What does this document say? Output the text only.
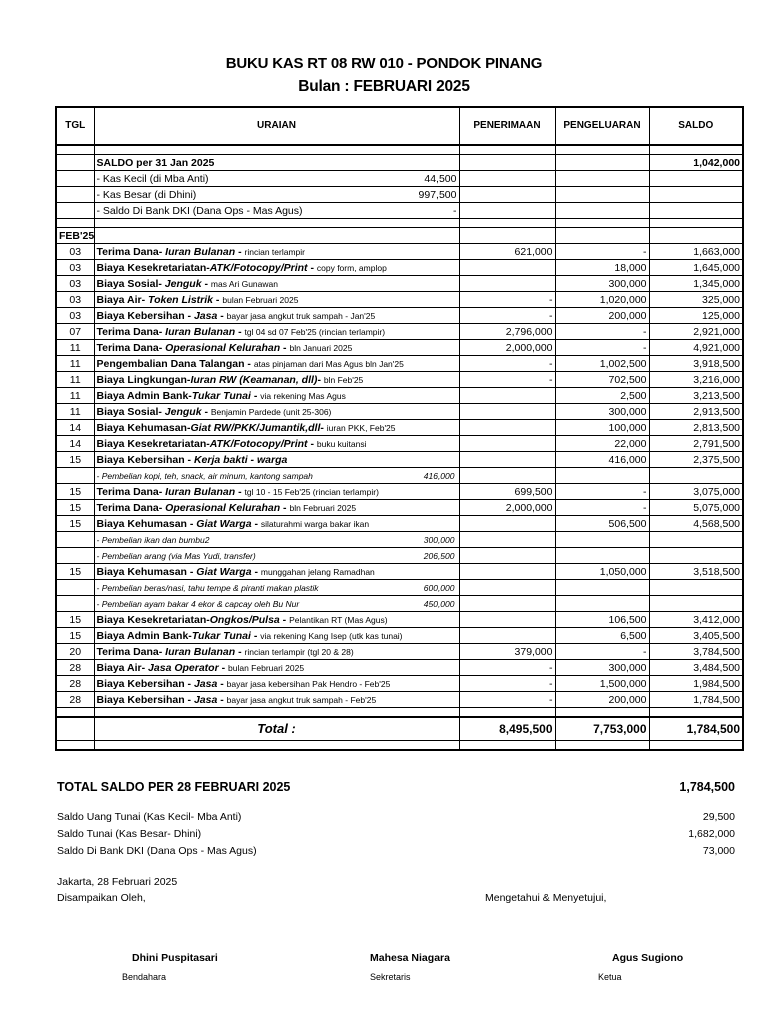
BUKU KAS RT 08 RW 010 - PONDOK PINANG
Bulan : FEBRUARI 2025
TGL	URAIAN	PENERIMAAN	PENGELUARAN	SALDO

	SALDO per 31 Jan 2025			1,042,000

	- Kas Kecil (di Mba Anti) 44,500			

	- Kas Besar (di Dhini) 997,500			

	- Saldo Di Bank DKI (Dana Ops - Mas Agus) -			

FEB'25				
03	Terima Dana- Iuran Bulanan - rincian terlampir	621,000	-	1,663,000
03	Biaya Kesekretariatan-ATK/Fotocopy/Print - copy form, amplop		18,000	1,645,000
03	Biaya Sosial- Jenguk - mas Ari Gunawan		300,000	1,345,000
03	Biaya Air- Token Listrik - bulan Februari 2025	-	1,020,000	325,000
03	Biaya Kebersihan - Jasa - bayar jasa angkut truk sampah - Jan'25	-	200,000	125,000
07	Terima Dana- Iuran Bulanan - tgl 04 sd 07 Feb'25 (rincian terlampir)	2,796,000	-	2,921,000
11	Terima Dana- Operasional Kelurahan - bln Januari 2025	2,000,000	-	4,921,000
11	Pengembalian Dana Talangan - atas pinjaman dari Mas Agus bln Jan'25	-	1,002,500	3,918,500
11	Biaya Lingkungan-Iuran RW (Keamanan, dll)- bln Feb'25	-	702,500	3,216,000
11	Biaya Admin Bank-Tukar Tunai - via rekening Mas Agus		2,500	3,213,500
11	Biaya Sosial- Jenguk - Benjamin Pardede (unit 25-306)		300,000	2,913,500
14	Biaya Kehumasan-Giat RW/PKK/Jumantik,dll- iuran PKK, Feb'25		100,000	2,813,500
14	Biaya Kesekretariatan-ATK/Fotocopy/Print - buku kuitansi		22,000	2,791,500
15	Biaya Kebersihan - Kerja bakti - warga		416,000	2,375,500

	- Pembelian kopi, teh, snack, air minum, kantong sampah 416,000			

15	Terima Dana- Iuran Bulanan - tgl 10 - 15 Feb'25 (rincian terlampir)	699,500	-	3,075,000
15	Terima Dana- Operasional Kelurahan - bln Februari 2025	2,000,000	-	5,075,000
15	Biaya Kehumasan - Giat Warga - silaturahmi warga bakar ikan		506,500	4,568,500

	- Pembelian ikan dan bumbu2 300,000			

	- Pembelian arang (via Mas Yudi, transfer) 206,500			

15	Biaya Kehumasan - Giat Warga - munggahan jelang Ramadhan		1,050,000	3,518,500

	- Pembelian beras/nasi, tahu tempe & piranti makan plastik 600,000			

	- Pembelian ayam bakar 4 ekor & capcay oleh Bu Nur 450,000			

15	Biaya Kesekretariatan-Ongkos/Pulsa - Pelantikan RT (Mas Agus)		106,500	3,412,000
15	Biaya Admin Bank-Tukar Tunai - via rekening Kang Isep (utk kas tunai)		6,500	3,405,500
20	Terima Dana- Iuran Bulanan - rincian terlampir (tgl 20 & 28)	379,000	-	3,784,500
28	Biaya Air- Jasa Operator - bulan Februari 2025	-	300,000	3,484,500
28	Biaya Kebersihan - Jasa - bayar jasa kebersihan Pak Hendro - Feb'25	-	1,500,000	1,984,500
28	Biaya Kebersihan - Jasa - bayar jasa angkut truk sampah - Feb'25	-	200,000	1,784,500

	Total :	8,495,500	7,753,000	1,784,500

TOTAL SALDO PER 28 FEBRUARI 2025	1,784,500
Saldo Uang Tunai (Kas Kecil- Mba Anti)	29,500
Saldo Tunai (Kas Besar- Dhini)	1,682,000
Saldo Di Bank DKI (Dana Ops - Mas Agus)	73,000
Jakarta, 28 Februari 2025
Disampaikan Oleh,	Mengetahui & Menyetujui,
Dhini Puspitasari
Bendahara
Mahesa Niagara
Sekretaris
Agus Sugiono
Ketua
